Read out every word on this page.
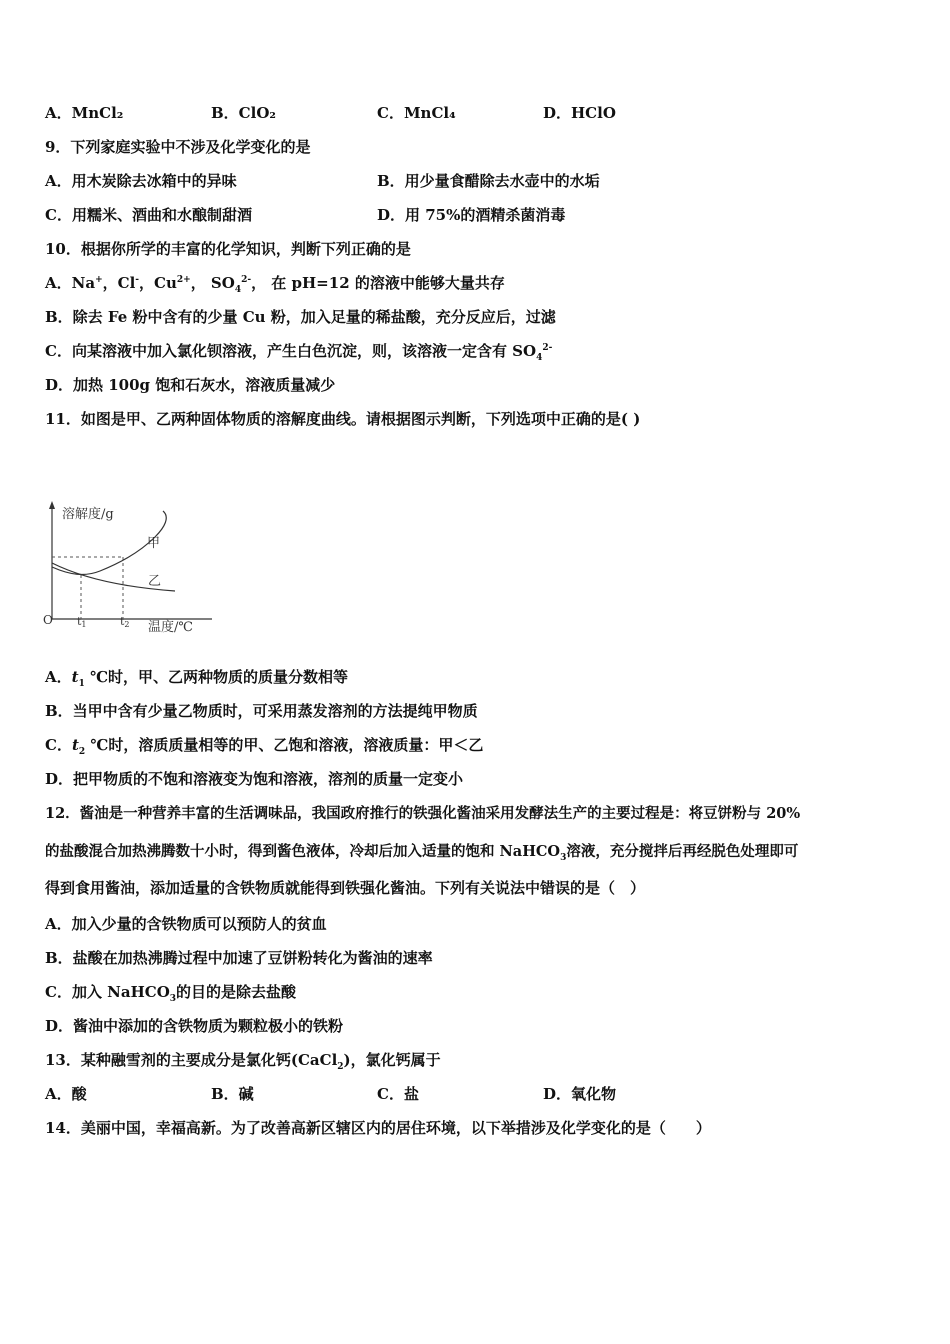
A．MnCl₂	B．ClO₂	C．MnCl₄	D．HClO
9．下列家庭实验中不涉及化学变化的是
A．用木炭除去冰箱中的异味	B．用少量食醋除去水壶中的水垢
C．用糯米、酒曲和水酿制甜酒	D．用 75%的酒精杀菌消毒
10．根据你所学的丰富的化学知识，判断下列正确的是
A．Na+，Cl-，$Cu^{2+}$， $SO_4^{2-}$， 在 pH=12 的溶液中能够大量共存
B．除去 Fe 粉中含有的少量 Cu 粉，加入足量的稀盐酸，充分反应后，过滤
C．向某溶液中加入氯化钡溶液，产生白色沉淀，则，该溶液一定含有 $SO_4^{2-}$
D．加热 100g 饱和石灰水，溶液质量减少
11．如图是甲、乙两种固体物质的溶解度曲线。请根据图示判断，下列选项中正确的是( )
溶解度/g
温度/℃
O t1	t2
甲
乙
A．$t_1$ ℃时，甲、乙两种物质的质量分数相等
B．当甲中含有少量乙物质时，可采用蒸发溶剂的方法提纯甲物质
C．$t_2$ ℃时，溶质质量相等的甲、乙饱和溶液，溶液质量：甲＜乙
D．把甲物质的不饱和溶液变为饱和溶液，溶剂的质量一定变小
12．酱油是一种营养丰富的生活调味品，我国政府推行的铁强化酱油采用发酵法生产的主要过程是：将豆饼粉与 20%
的盐酸混合加热沸腾数十小时，得到酱色液体，冷却后加入适量的饱和 NaHCO$_3$溶液，充分搅拌后再经脱色处理即可
得到食用酱油，添加适量的含铁物质就能得到铁强化酱油。下列有关说法中错误的是（　）
A．加入少量的含铁物质可以预防人的贫血
B．盐酸在加热沸腾过程中加速了豆饼粉转化为酱油的速率
C．加入 NaHCO$_3$的目的是除去盐酸
D．酱油中添加的含铁物质为颗粒极小的铁粉
13．某种融雪剂的主要成分是氯化钙(CaCl$_2$)，氯化钙属于
A．酸	B．碱	C．盐	D．氧化物
14．美丽中国，幸福高新。为了改善高新区辖区内的居住环境，以下举措涉及化学变化的是（　　）
